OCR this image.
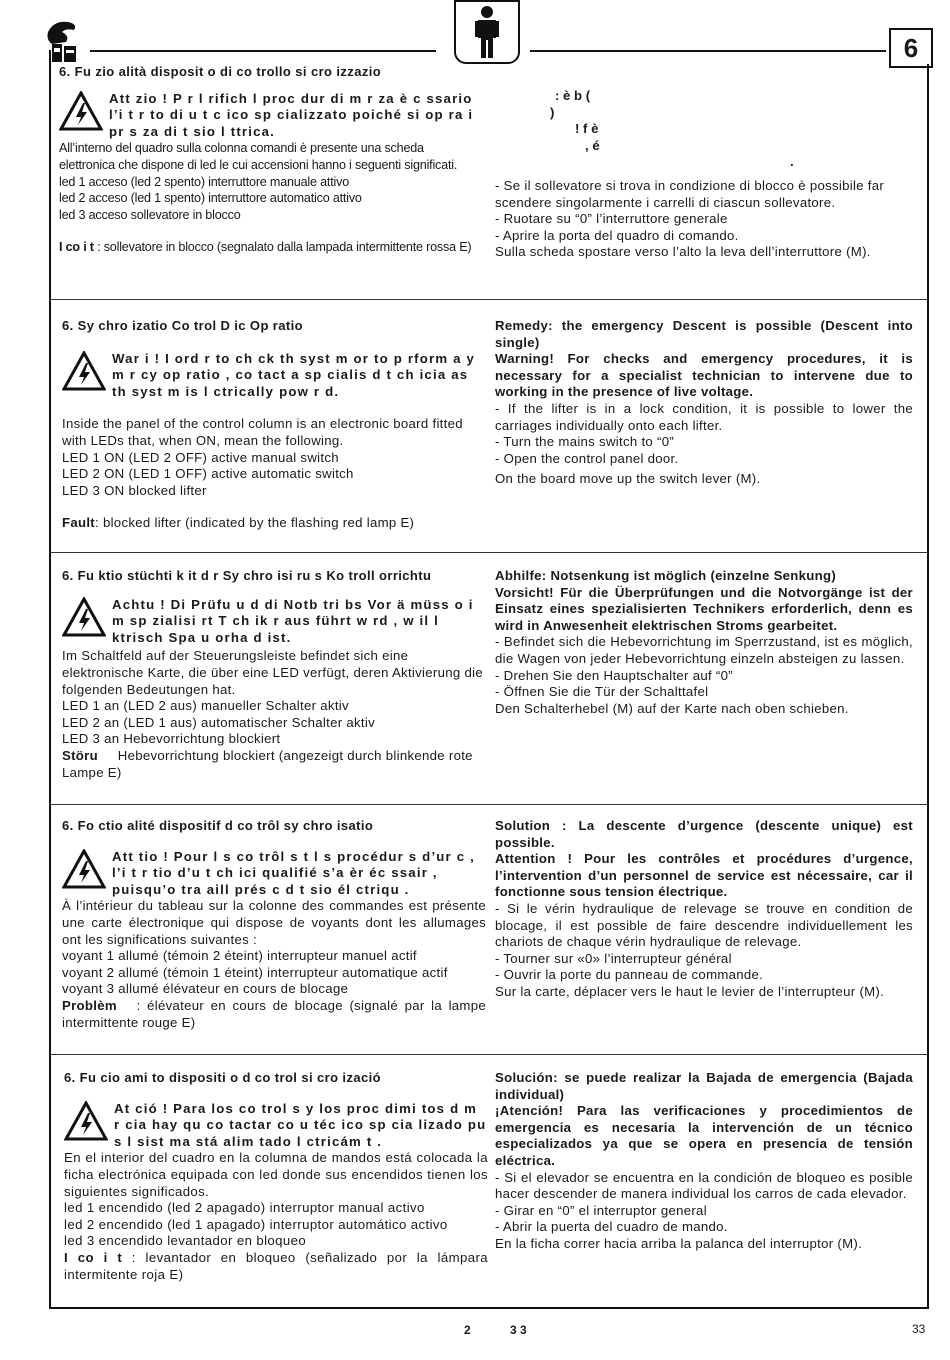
6
6. Fu zio alità disposit o di co trollo si cro izzazio
Att zio ! P r l rifich l proc dur di m r za è c ssario l’i t r to di u t c ico sp cializzato poiché si op ra i pr s za di t sio l ttrica.

All’interno del quadro sulla colonna comandi è presente una scheda elettronica che dispone di led le cui accensioni hanno i seguenti significati.

led 1 acceso (led 2 spento) interruttore manuale attivo

led 2 acceso (led 1 spento) interruttore automatico attivo

led 3 acceso sollevatore in blocco

I co i t : sollevatore in blocco (segnalato dalla lampada intermittente rossa E)

: è b (

)

! f è

, é

.

- Se il sollevatore si trova in condizione di blocco è possibile far scendere singolarmente i carrelli di ciascun sollevatore.

- Ruotare su “0” l’interruttore generale

- Aprire la porta del quadro di comando.

Sulla scheda spostare verso l’alto la leva dell’interruttore (M).

6. Sy chro izatio Co trol D ic Op ratio
War i ! I ord r to ch ck th syst m or to p rform a y m r cy op ratio , co tact a sp cialis d t ch icia as th syst m is l ctrically pow r d.

Inside the panel of the control column is an electronic board fitted with LEDs that, when ON, mean the following.

LED 1 ON (LED 2 OFF) active manual switch

LED 2 ON (LED 1 OFF) active automatic switch

LED 3 ON blocked lifter

Fault: blocked lifter (indicated by the flashing red lamp E)

Remedy: the emergency Descent is possible (Descent into single)

Warning! For checks and emergency procedures, it is necessary for a specialist technician to intervene due to working in the presence of live voltage.

- If the lifter is in a lock condition, it is possible to lower the carriages individually onto each lifter.

- Turn the mains switch to “0”

- Open the control panel door.

On the board move up the switch lever (M).

6. Fu ktio stüchti k it d r Sy chro isi ru s Ko troll orrichtu
Achtu ! Di Prüfu u d di Notb tri bs Vor ä müss o i m sp zialisi rt T ch ik r aus führt w rd , w il l ktrisch Spa u orha d ist.

Im Schaltfeld auf der Steuerungsleiste befindet sich eine elektronische Karte, die über eine LED verfügt, deren Aktivierung die folgenden Bedeutungen hat.

LED 1 an (LED 2 aus) manueller Schalter aktiv

LED 2 an (LED 1 aus) automatischer Schalter aktiv

LED 3 an Hebevorrichtung blockiert

Störu Hebevorrichtung blockiert (angezeigt durch blinkende rote Lampe E)

Abhilfe: Notsenkung ist möglich (einzelne Senkung)

Vorsicht! Für die Überprüfungen und die Notvorgänge ist der Einsatz eines spezialisierten Technikers erforderlich, denn es wird in Anwesenheit elektrischen Stroms gearbeitet.

- Befindet sich die Hebevorrichtung im Sperrzustand, ist es möglich, die Wagen von jeder Hebevorrichtung einzeln absteigen zu lassen.

- Drehen Sie den Hauptschalter auf “0”

- Öffnen Sie die Tür der Schalttafel

Den Schalterhebel (M) auf der Karte nach oben schieben.

6. Fo ctio alité dispositif d co trôl sy chro isatio
Att tio ! Pour l s co trôl s t l s procédur s d’ur c , l’i t r tio d’u t ch ici qualifié s’a èr éc ssair , puisqu’o tra aill prés c d t sio él ctriqu .

À l’intérieur du tableau sur la colonne des commandes est présente une carte électronique qui dispose de voyants dont les allumages ont les significations suivantes :

voyant 1 allumé (témoin 2 éteint) interrupteur manuel actif

voyant 2 allumé (témoin 1 éteint) interrupteur automatique actif

voyant 3 allumé élévateur en cours de blocage

Problèm : élévateur en cours de blocage (signalé par la lampe intermittente rouge E)

Solution : La descente d’urgence (descente unique) est possible.

Attention ! Pour les contrôles et procédures d’urgence, l’intervention d’un personnel de service est nécessaire, car il fonctionne sous tension électrique.

- Si le vérin hydraulique de relevage se trouve en condition de blocage, il est possible de faire descendre individuellement les chariots de chaque vérin hydraulique de relevage.

- Tourner sur «0» l’interrupteur général

- Ouvrir la porte du panneau de commande.

Sur la carte, déplacer vers le haut le levier de l’interrupteur (M).

6. Fu cio ami to dispositi o d co trol si cro izació
At ció ! Para los co trol s y los proc dimi tos d m r cia hay qu co tactar co u téc ico sp cia lizado pu s l sist ma stá alim tado l ctricám t .

En el interior del cuadro en la columna de mandos está colocada la ficha electrónica equipada con led donde sus encendidos tienen los siguientes significados.

led 1 encendido (led 2 apagado) interruptor manual activo

led 2 encendido (led 1 apagado) interruptor automático activo

led 3 encendido levantador en bloqueo

I co i t : levantador en bloqueo (señalizado por la lámpara intermitente roja E)

Solución: se puede realizar la Bajada de emergencia (Bajada individual)

¡Atención! Para las verificaciones y procedimientos de emergencia es necesaria la intervención de un técnico especializados ya que se opera en presencia de tensión eléctrica.

- Si el elevador se encuentra en la condición de bloqueo es posible hacer descender de manera individual los carros de cada elevador.

- Girar en “0” el interruptor general

- Abrir la puerta del cuadro de mando.

En la ficha correr hacia arriba la palanca del interruptor (M).

2	3 3	33
